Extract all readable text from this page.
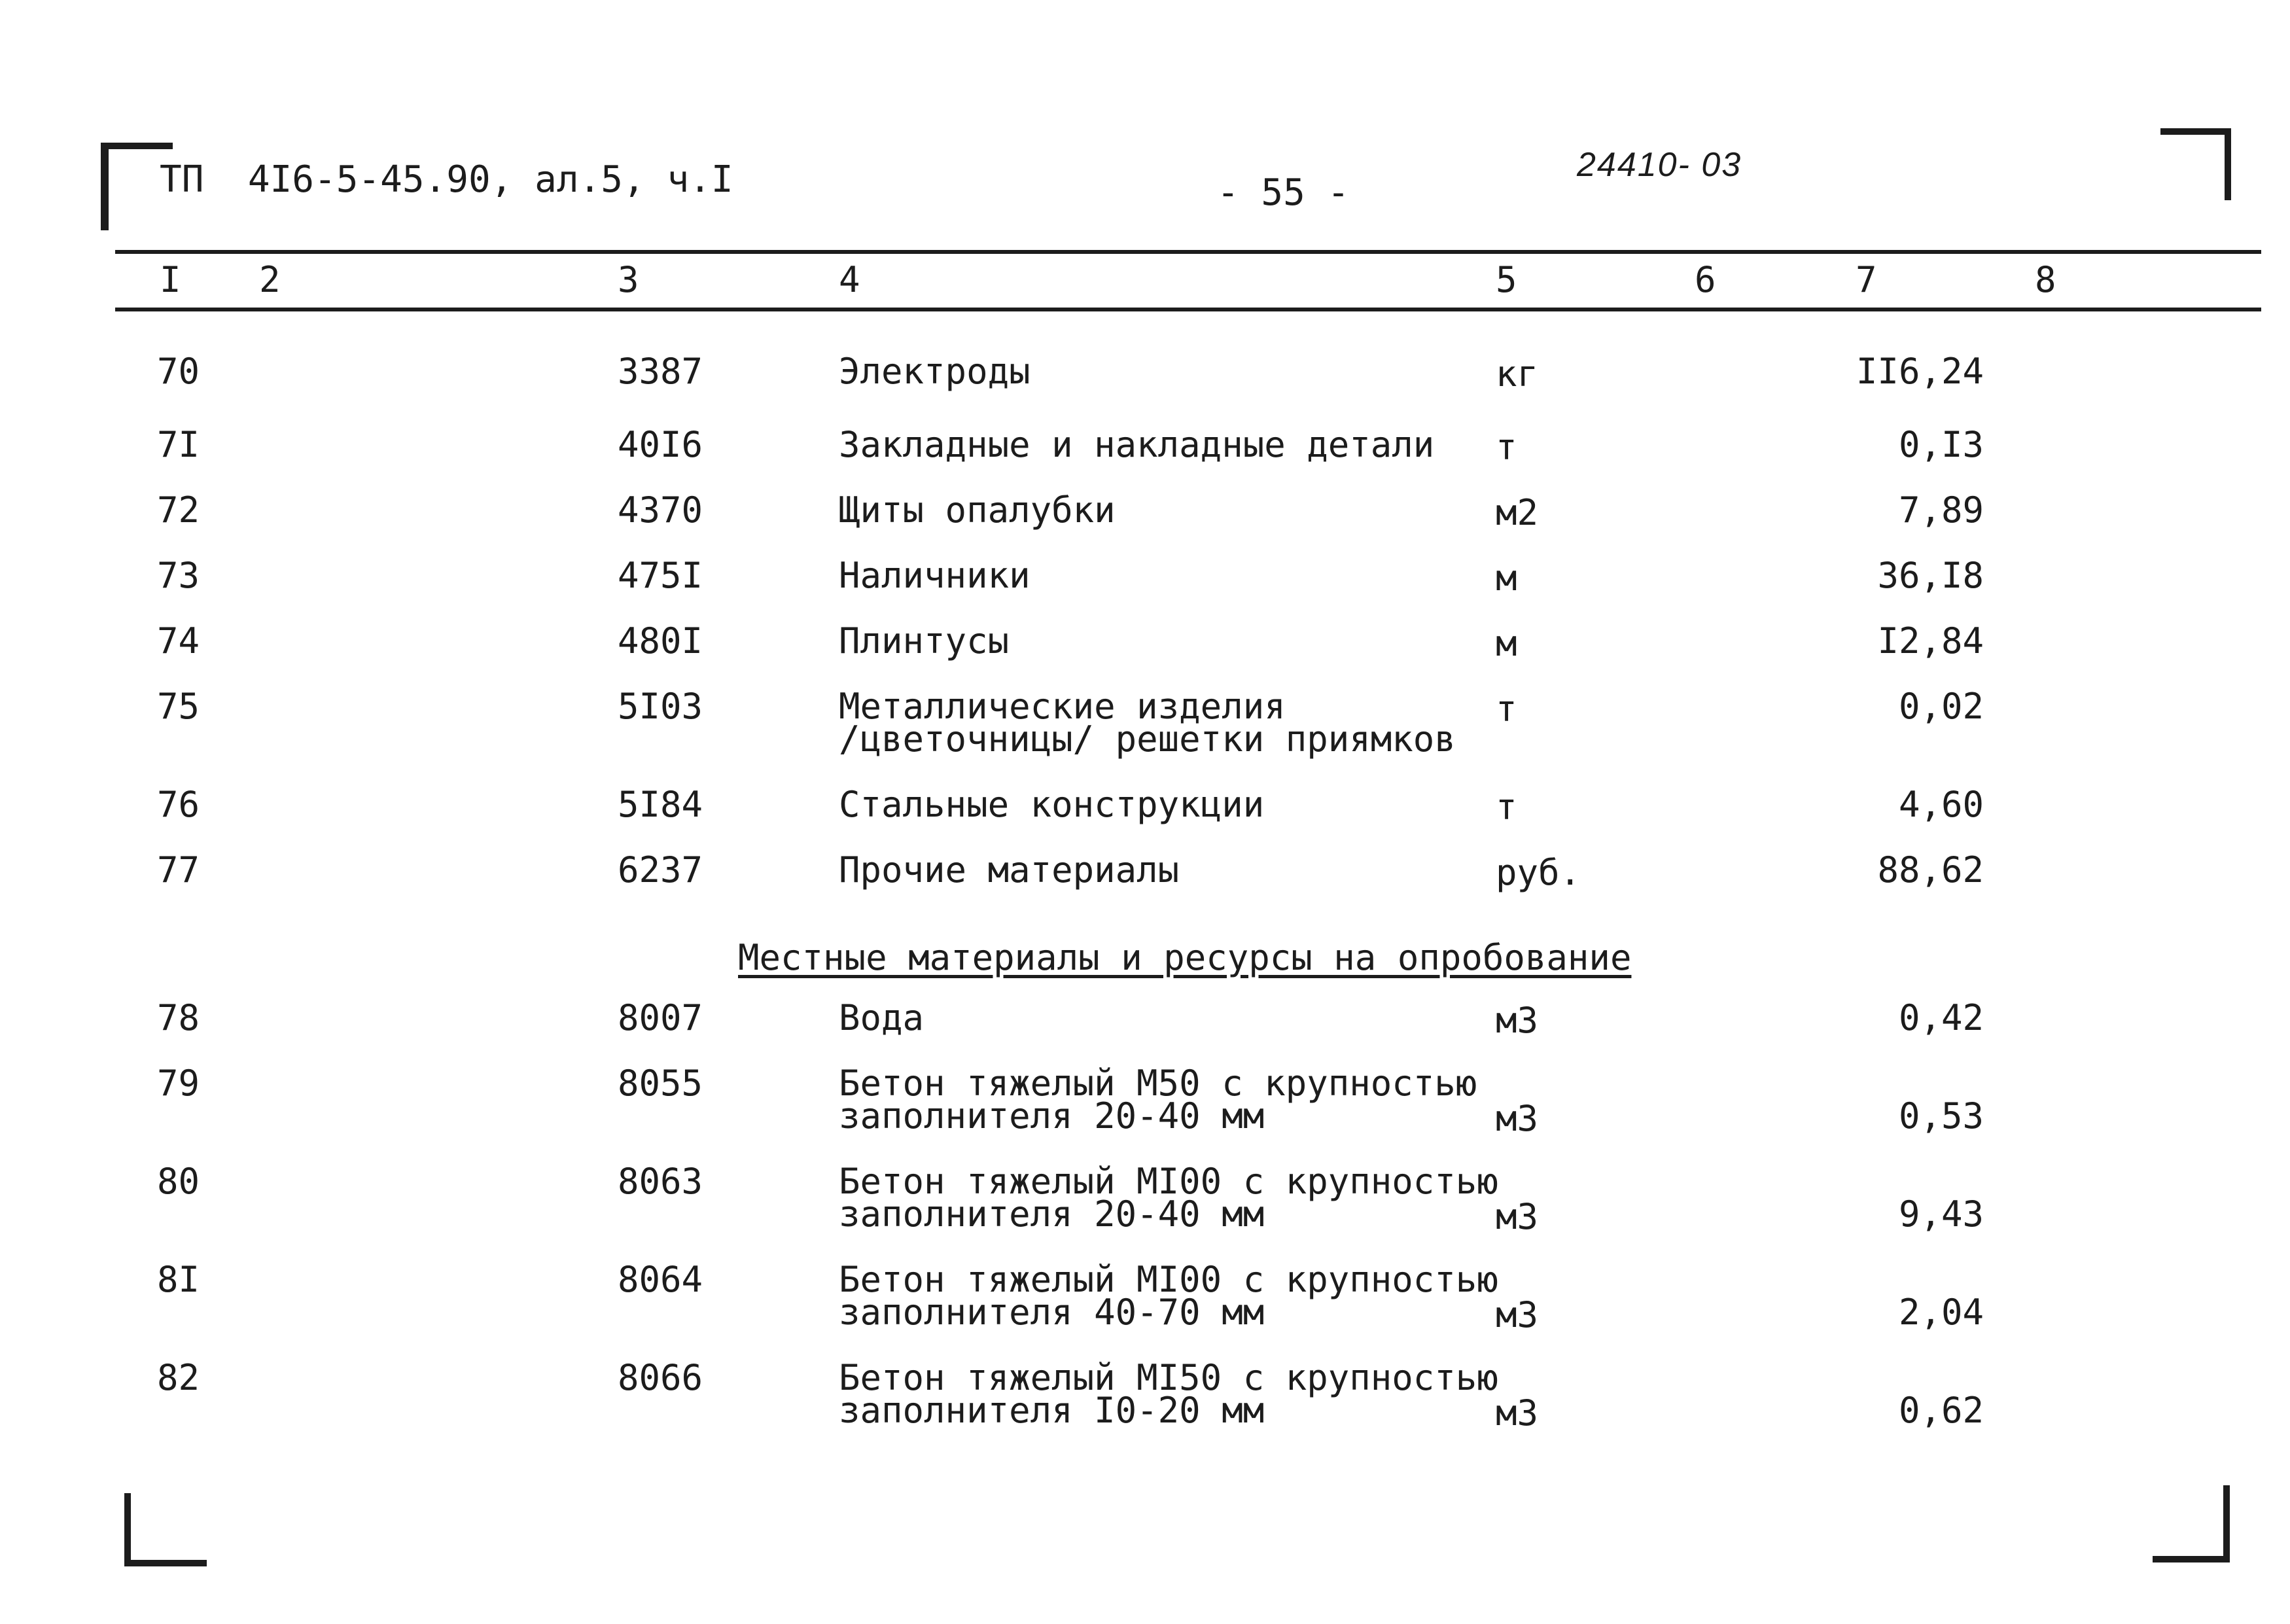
ТП  4I6-5-45.90, ал.5, ч.I	- 55 -
24410- 03
I 2	3	4	5	6	7	8
70	3387	Электроды	кг	II6,24
7I	40I6	Закладные и накладные детали т	0,I3
72	4370	Щиты опалубки	м2	7,89
73	475I	Наличники	м	36,I8
74	480I	Плинтусы	м	I2,84
75	5I03	Металлические изделия
/цветочницы/ решетки приямков
т	0,02
76	5I84	Стальные конструкции	т	4,60
77	6237	Прочие материалы	руб.	88,62
Местные материалы и ресурсы на опробование
78	8007	Вода	м3	0,42
79	8055	Бетон тяжелый М50 с крупностью
заполнителя 20-40 мм	м3	0,53
80	8063	Бетон тяжелый МI00 с крупностью
заполнителя 20-40 мм	м3	9,43
8I	8064	Бетон тяжелый МI00 с крупностью
заполнителя 40-70 мм	м3	2,04
82	8066	Бетон тяжелый МI50 с крупностью
заполнителя I0-20 мм	м3	0,62
